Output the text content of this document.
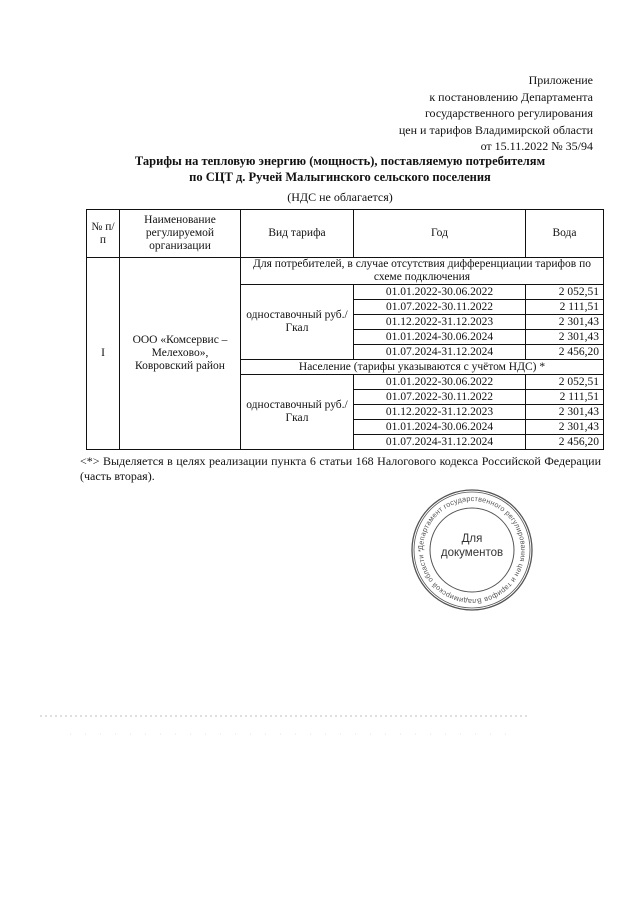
Приложение
к постановлению Департамента
государственного регулирования
цен и тарифов Владимирской области
от 15.11.2022 № 35/94
Тарифы на тепловую энергию (мощность), поставляемую потребителям
по СЦТ д. Ручей Малыгинского сельского поселения
(НДС не облагается)
№ п/п	Наименование регулируемой организации	Вид тарифа	Год	Вода
I	ООО «Комсервис – Мелехово», Ковровский район	Для потребителей, в случае отсутствия дифференциации тарифов по схеме подключения		
		одноставочный руб./Гкал	01.01.2022-30.06.2022	2 052,51
			01.07.2022-30.11.2022	2 111,51
			01.12.2022-31.12.2023	2 301,43
			01.01.2024-30.06.2024	2 301,43
			01.07.2024-31.12.2024	2 456,20
		Население (тарифы указываются с учётом НДС) *		
		одноставочный руб./Гкал	01.01.2022-30.06.2022	2 052,51
			01.07.2022-30.11.2022	2 111,51
			01.12.2022-31.12.2023	2 301,43
			01.01.2024-30.06.2024	2 301,43
			01.07.2024-31.12.2024	2 456,20
<*> Выделяется в целях реализации пункта 6 статьи 168 Налогового кодекса Российской Федерации (часть вторая).
Департамент государственного регулирования цен и тарифов Владимирской области *
Для
документов
